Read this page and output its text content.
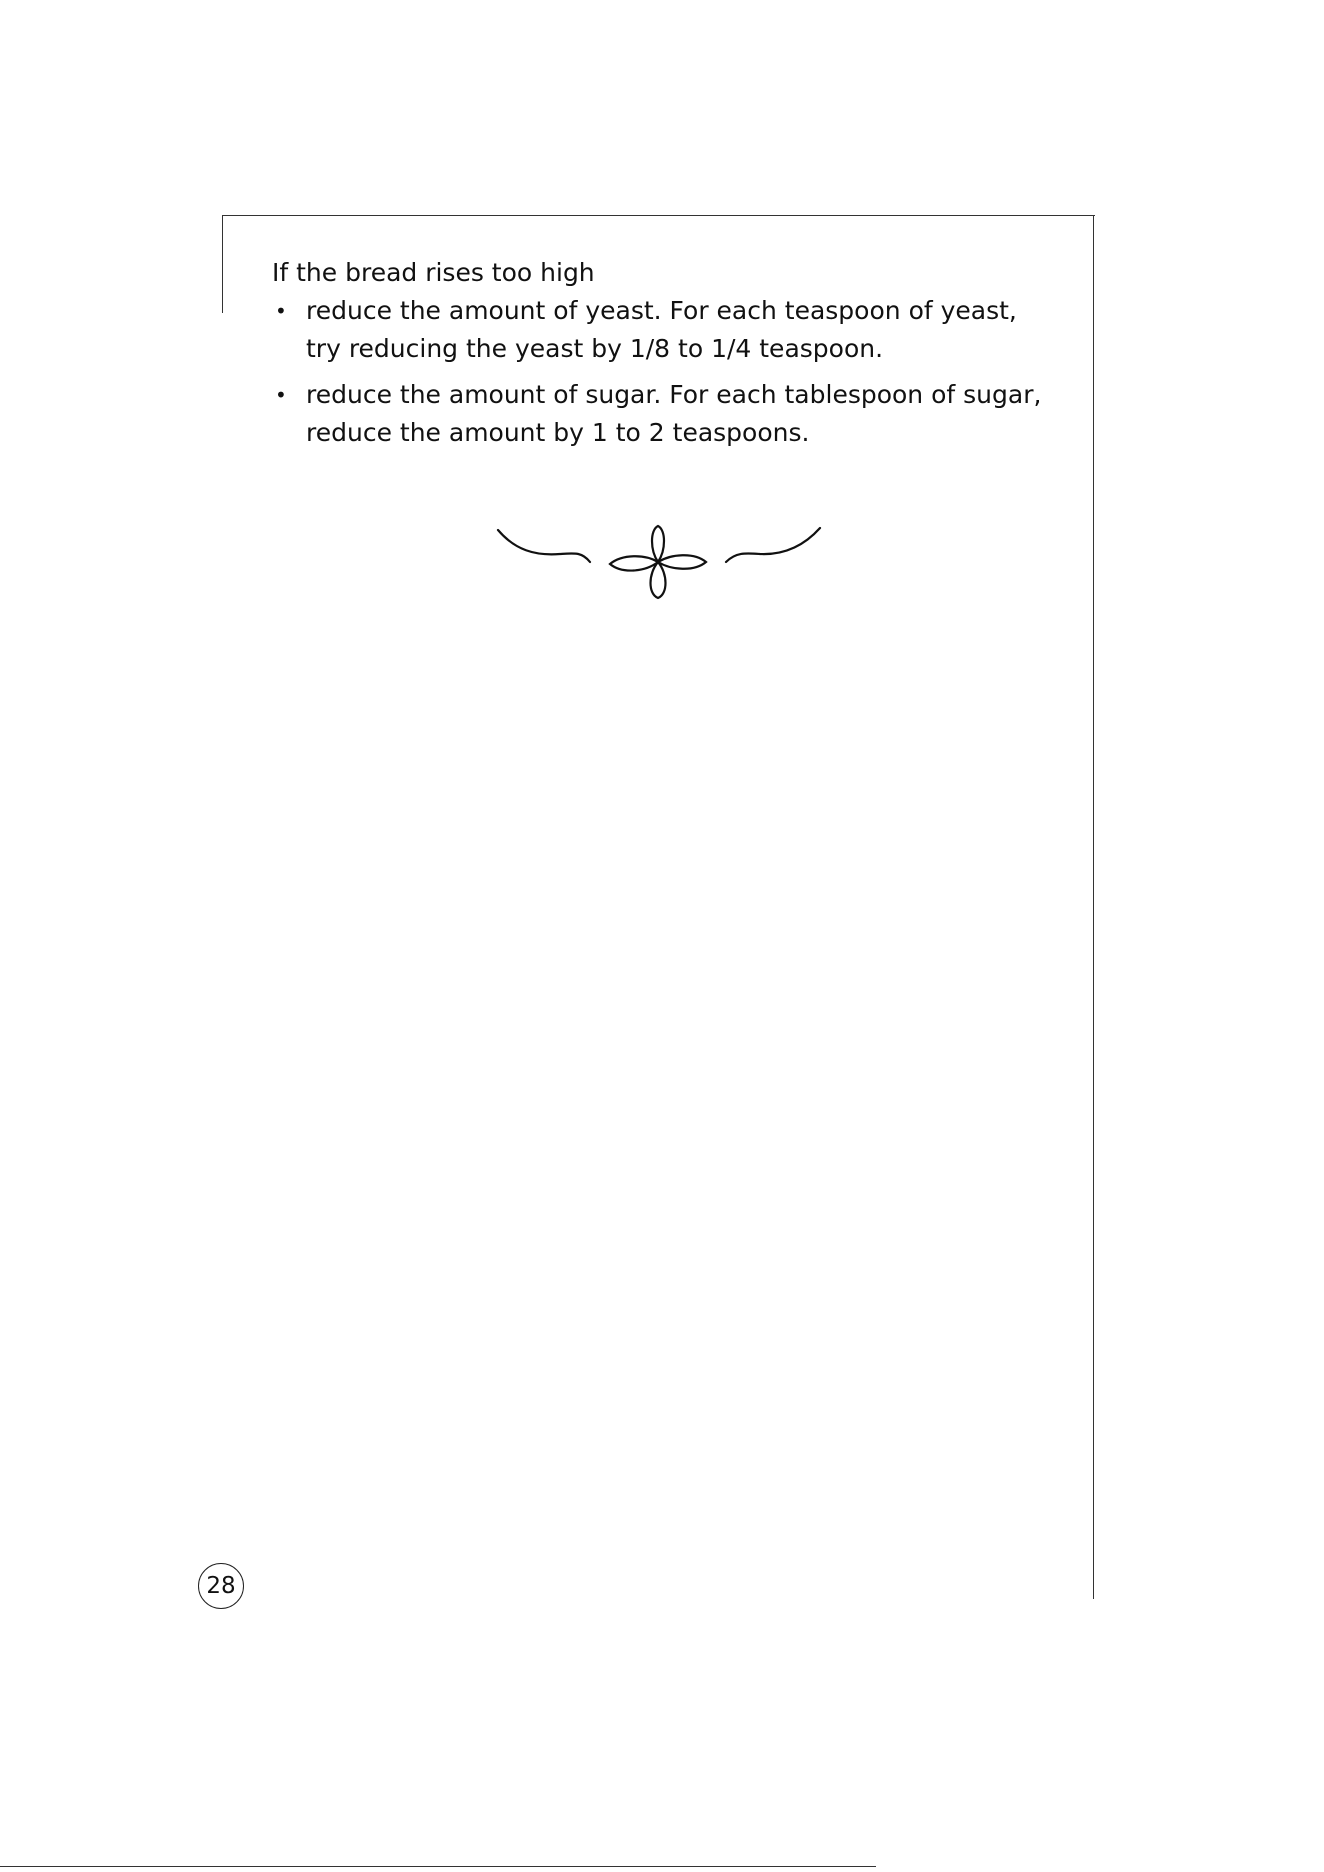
If the bread rises too high
• reduce the amount of yeast. For each teaspoon of yeast,
try reducing the yeast by 1/8 to 1/4 teaspoon.
• reduce the amount of sugar. For each tablespoon of sugar,
reduce the amount by 1 to 2 teaspoons.
28
